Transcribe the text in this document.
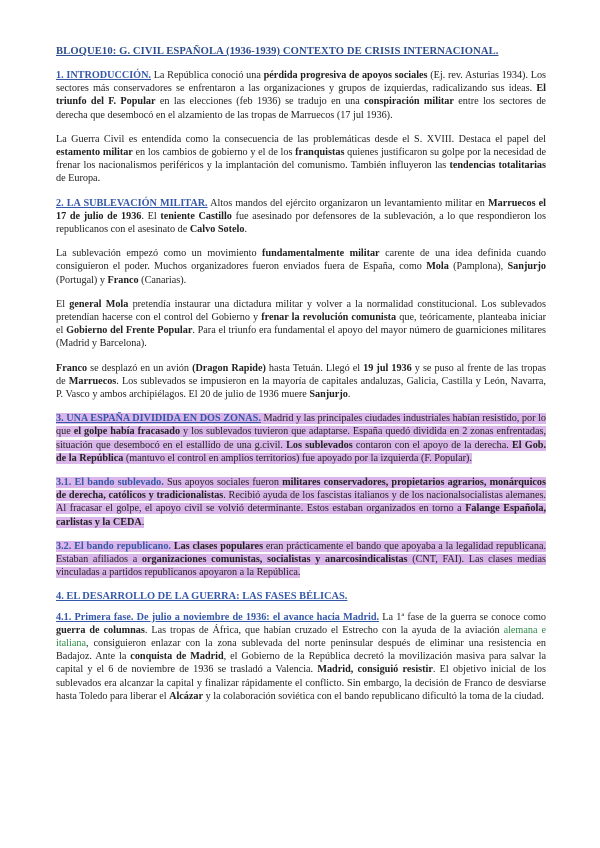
BLOQUE10: G. CIVIL ESPAÑOLA (1936-1939) CONTEXTO DE CRISIS INTERNACIONAL.

1. INTRODUCCIÓN. La República conoció una pérdida progresiva de apoyos sociales (Ej. rev. Asturias 1934). Los sectores más conservadores se enfrentaron a las organizaciones y grupos de izquierdas, radicalizando sus ideas. El triunfo del F. Popular en las elecciones (feb 1936) se tradujo en una conspiración militar entre los sectores de derecha que desembocó en el alzamiento de las tropas de Marruecos (17 jul 1936).

La Guerra Civil es entendida como la consecuencia de las problemáticas desde el S. XVIII. Destaca el papel del estamento militar en los cambios de gobierno y el de los franquistas quienes justificaron su golpe por la necesidad de frenar los nacionalismos periféricos y la implantación del comunismo. También influyeron las tendencias totalitarias de Europa.

2. LA SUBLEVACIÓN MILITAR. Altos mandos del ejército organizaron un levantamiento militar en Marruecos el 17 de julio de 1936. El teniente Castillo fue asesinado por defensores de la sublevación, a lo que respondieron los republicanos con el asesinato de Calvo Sotelo.

La sublevación empezó como un movimiento fundamentalmente militar carente de una idea definida cuando consiguieron el poder. Muchos organizadores fueron enviados fuera de España, como Mola (Pamplona), Sanjurjo (Portugal) y Franco (Canarias).

El general Mola pretendía instaurar una dictadura militar y volver a la normalidad constitucional. Los sublevados pretendían hacerse con el control del Gobierno y frenar la revolución comunista que, teóricamente, planteaba iniciar el Gobierno del Frente Popular. Para el triunfo era fundamental el apoyo del mayor número de guarniciones militares (Madrid y Barcelona).

Franco se desplazó en un avión (Dragon Rapide) hasta Tetuán. Llegó el 19 jul 1936 y se puso al frente de las tropas de Marruecos. Los sublevados se impusieron en la mayoría de capitales andaluzas, Galicia, Castilla y León, Navarra, P. Vasco y ambos archipiélagos. El 20 de julio de 1936 muere Sanjurjo.

3. UNA ESPAÑA DIVIDIDA EN DOS ZONAS. Madrid y las principales ciudades industriales habían resistido, por lo que el golpe había fracasado y los sublevados tuvieron que adaptarse. España quedó dividida en 2 zonas enfrentadas, situación que desembocó en el estallido de una g.civil. Los sublevados contaron con el apoyo de la derecha. El Gob. de la República (mantuvo el control en amplios territorios) fue apoyado por la izquierda (F. Popular).

3.1. El bando sublevado. Sus apoyos sociales fueron militares conservadores, propietarios agrarios, monárquicos de derecha, católicos y tradicionalistas. Recibió ayuda de los fascistas italianos y de los nacionalsocialistas alemanes. Al fracasar el golpe, el apoyo civil se volvió determinante. Estos estaban organizados en torno a Falange Española, carlistas y la CEDA.

3.2. El bando republicano. Las clases populares eran prácticamente el bando que apoyaba a la legalidad republicana. Estaban afiliados a organizaciones comunistas, socialistas y anarcosindicalistas (CNT, FAI). Las clases medias vinculadas a partidos republicanos apoyaron a la República.

4. EL DESARROLLO DE LA GUERRA: LAS FASES BÉLICAS.

4.1. Primera fase. De julio a noviembre de 1936: el avance hacia Madrid. La 1ª fase de la guerra se conoce como guerra de columnas. Las tropas de África, que habían cruzado el Estrecho con la ayuda de la aviación alemana e italiana, consiguieron enlazar con la zona sublevada del norte peninsular después de eliminar una resistencia en Badajoz. Ante la conquista de Madrid, el Gobierno de la República decretó la movilización masiva para salvar la capital y el 6 de noviembre de 1936 se trasladó a Valencia. Madrid, consiguió resistir. El objetivo inicial de los sublevados era alcanzar la capital y finalizar rápidamente el conflicto. Sin embargo, la decisión de Franco de desviarse hasta Toledo para liberar el Alcázar y la colaboración soviética con el bando republicano dificultó la toma de la ciudad.
